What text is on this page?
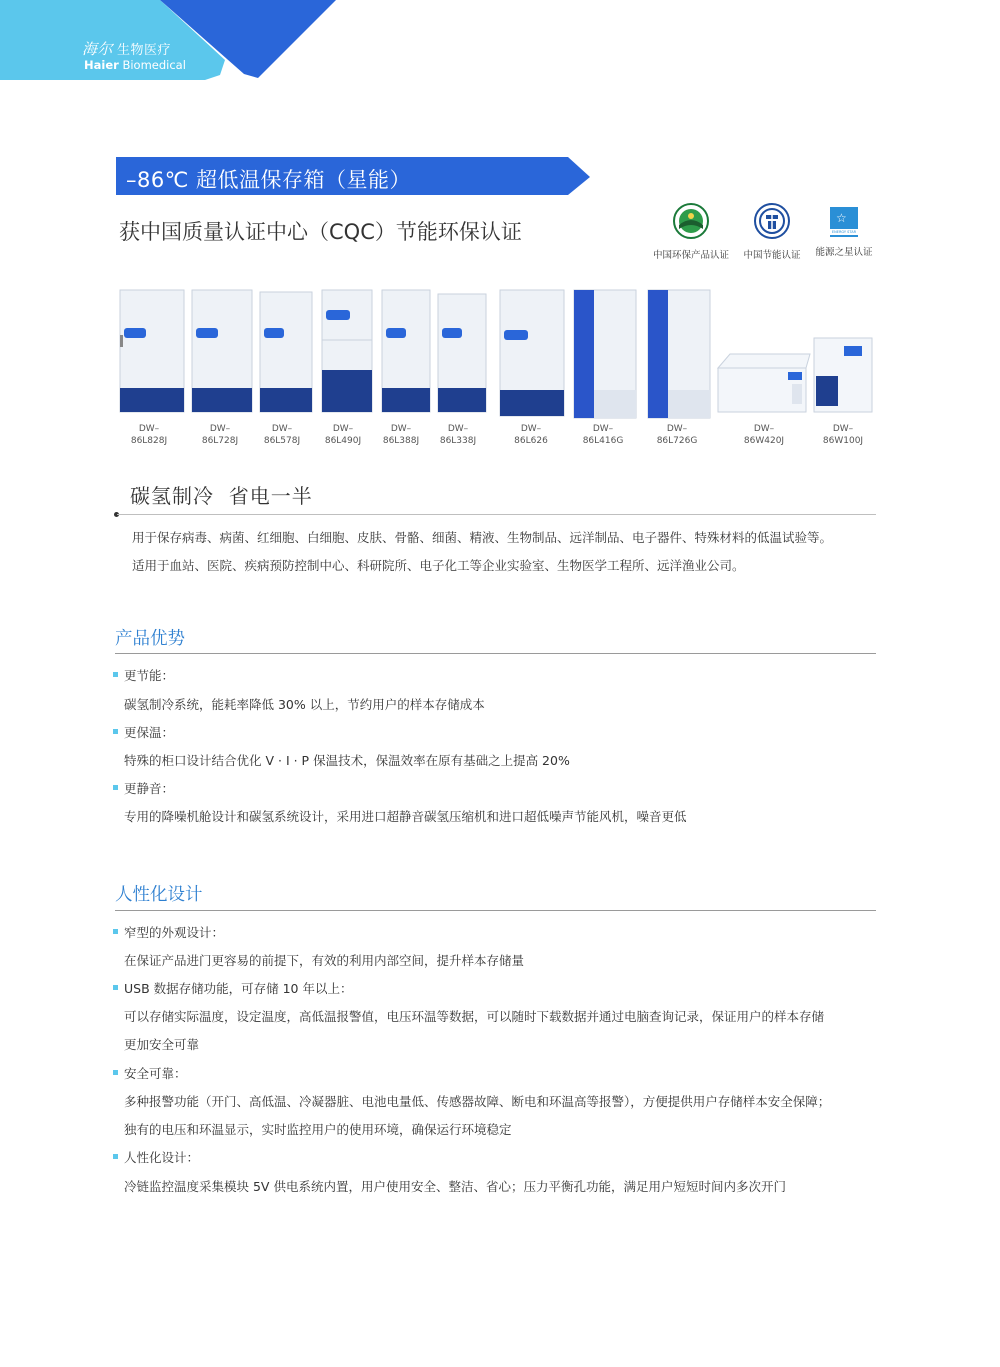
海尔 生物医疗
Haier Biomedical
–86℃ 超低温保存箱（星能）
获中国质量认证中心（CQC）节能环保认证
中国环保产品认证	中国节能认证
ENERGY STAR
☆
能源之星认证
DW–
86L828J
DW–
86L728J
DW–
86L578J
DW–
86L490J
DW–
86L388J
DW–
86L338J
DW–
86L626
DW–
86L416G
DW–
86L726G
DW–
86W420J
DW–
86W100J
碳氢制冷  省电一半
用于保存病毒、病菌、红细胞、白细胞、皮肤、骨骼、细菌、精液、生物制品、远洋制品、电子器件、特殊材料的低温试验等。
适用于血站、医院、疾病预防控制中心、科研院所、电子化工等企业实验室、生物医学工程所、远洋渔业公司。
产品优势
更节能：
碳氢制冷系统，能耗率降低 30% 以上，节约用户的样本存储成本
更保温：
特殊的柜口设计结合优化 V · I · P 保温技术，保温效率在原有基础之上提高 20%
更静音：
专用的降噪机舱设计和碳氢系统设计，采用进口超静音碳氢压缩机和进口超低噪声节能风机，噪音更低
人性化设计
窄型的外观设计：
在保证产品进门更容易的前提下，有效的利用内部空间，提升样本存储量
USB 数据存储功能，可存储 10 年以上：
可以存储实际温度，设定温度，高低温报警值，电压环温等数据，可以随时下载数据并通过电脑查询记录，保证用户的样本存储
更加安全可靠
安全可靠：
多种报警功能（开门、高低温、冷凝器脏、电池电量低、传感器故障、断电和环温高等报警），方便提供用户存储样本安全保障；
独有的电压和环温显示，实时监控用户的使用环境，确保运行环境稳定
人性化设计：
冷链监控温度采集模块 5V 供电系统内置，用户使用安全、整洁、省心；压力平衡孔功能，满足用户短短时间内多次开门
